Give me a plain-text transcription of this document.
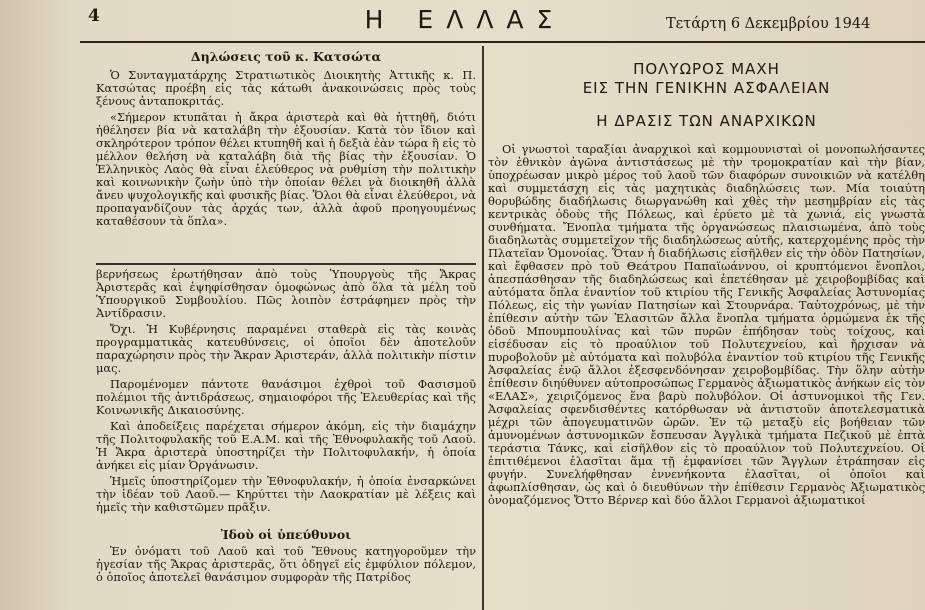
4	Η ΕΛΛΑΣ	Τετάρτη 6 Δεκεμβρίου 1944

Δηλώσεις τοῦ κ. Κατσώτα

Ὁ Συνταγματάρχης Στρατιωτικὸς Διοικητὴς Ἀττικῆς κ. Π. Κατσώτας προέβη εἰς τὰς κάτωθι ἀνακοινώσεις πρὸς τοὺς ξένους ἀνταποκριτάς.

«Σήμερον κτυπᾶται ἡ ἄκρα ἀριστερὰ καὶ θὰ ἡττηθῆ, διότι ἠθέλησεν βία νὰ καταλάβη τὴν ἐξουσίαν. Κατὰ τὸν ἴδιον καὶ σκληρότερον τρόπον θέλει κτυπηθῆ καὶ ἡ δεξιὰ ἐὰν τώρα ἢ εἰς τὸ μέλλον θελήση νὰ καταλάβη διὰ τῆς βίας τὴν ἐξουσίαν. Ὁ Ἑλληνικὸς Λαὸς θὰ εἶναι ἐλεύθερος νὰ ρυθμίση τὴν πολιτικὴν καὶ κοινωνικὴν ζωὴν ὑπὸ τὴν ὁποίαν θέλει νὰ διοικηθῆ ἀλλὰ ἄνευ ψυχολογικῆς καὶ φυσικῆς βίας. Ὅλοι θὰ εἶναι ἐλεύθεροι, νὰ προπαγανδίζουν τὰς ἀρχάς των, ἀλλὰ ἀφοῦ προηγουμένως καταθέσουν τὰ ὅπλα».

βερνήσεως ἐρωτήθησαν ἀπὸ τοὺς Ὑπουργοὺς τῆς Ἄκρας Ἀριστερᾶς καὶ ἐψηφίσθησαν ὁμοφώνως ἀπὸ ὅλα τὰ μέλη τοῦ Ὑπουργικοῦ Συμβουλίου. Πῶς λοιπὸν ἐστράφημεν πρὸς τὴν Ἀντίδρασιν.

Ὄχι. Ἡ Κυβέρνησις παραμένει σταθερὰ εἰς τὰς κοινὰς προγραμματικὰς κατευθύνσεις, οἱ ὁποῖοι δὲν ἀποτελοῦν παραχώρησιν πρὸς τὴν Ἄκραν Ἀριστεράν, ἀλλὰ πολιτικὴν πίστιν μας.

Παρομένομεν πάντοτε θανάσιμοι ἐχθροὶ τοῦ Φασισμοῦ πολέμιοι τῆς ἀντιδράσεως, σημαιοφόροι τῆς Ἐλευθερίας καὶ τῆς Κοινωνικῆς Δικαιοσύνης.

Καὶ ἀποδείξεις παρέχεται σήμερον ἀκόμη, εἰς τὴν διαμάχην τῆς Πολιτοφυλακῆς τοῦ Ε.Α.Μ. καὶ τῆς Ἐθνοφυλακῆς τοῦ Λαοῦ. Ἡ Ἄκρα ἀριστερὰ ὑποστηρίζει τὴν Πολιτοφυλακήν, ἡ ὁποία ἀνήκει εἰς μίαν Ὀργάνωσιν.

Ἡμεῖς ὑποστηρίζομεν τὴν Ἐθνοφυλακήν, ἡ ὁποία ἐνσαρκώνει τὴν ἰδέαν τοῦ Λαοῦ.— Κηρύττει τὴν Λαοκρατίαν μὲ λέξεις καὶ ἡμεῖς τὴν καθιστῶμεν πρᾶξιν.

Ἰδοὺ οἱ ὑπεύθυνοι

Ἐν ὀνόματι τοῦ Λαοῦ καὶ τοῦ Ἔθνους κατηγοροῦμεν τὴν ἡγεσίαν τῆς Ἄκρας ἀριστερᾶς, ὅτι ὁδηγεῖ εἰς ἐμφύλιον πόλεμον, ὁ ὁποῖος ἀποτελεῖ θανάσιμον συμφορὰν τῆς Πατρίδος

ΠΟΛΥΩΡΟΣ ΜΑΧΗ
ΕΙΣ ΤΗΝ ΓΕΝΙΚΗΝ ΑΣΦΑΛΕΙΑΝ
Η ΔΡΑΣΙΣ ΤΩΝ ΑΝΑΡΧΙΚΩΝ

Οἱ γνωστοὶ ταραξίαι ἀναρχικοὶ καὶ κομμουνισταὶ οἱ μονοπωλήσαντες τὸν ἐθνικὸν ἀγῶνα ἀντιστάσεως μὲ τὴν τρομοκρατίαν καὶ τὴν βίαν, ὑποχρέωσαν μικρὸ μέρος τοῦ λαοῦ τῶν διαφόρων συνοικιῶν νὰ κατέλθη καὶ συμμετάσχη εἰς τὰς μαχητικὰς διαδηλώσεις των. Μία τοιαύτη θορυβώδης διαδήλωσις διωργανώθη καὶ χθὲς τὴν μεσημβρίαν εἰς τὰς κεντρικὰς ὁδοὺς τῆς Πόλεως, καὶ ἐρύετο μὲ τὰ χωνιά, εἰς γνωστὰ συνθήματα. Ἔνοπλα τμήματα τῆς ὀργανώσεως πλαισιωμένα, ἀπὸ τοὺς διαδηλωτὰς συμμετεῖχον τῆς διαδηλώσεως αὐτῆς, κατερχομένης πρὸς τὴν Πλατεῖαν Ὁμονοίας. Ὅταν ἡ διαδήλωσις εἰσῆλθεν εἰς τὴν ὁδὸν Πατησίων, καὶ ἔφθασεν πρὸ τοῦ Θεάτρου Παπαϊωάννου, οἱ κρυπτόμενοι ἔνοπλοι, ἀπεσπάσθησαν τῆς διαδηλώσεως καὶ ἐπετέθησαν μὲ χειροβομβίδας καὶ αὐτόματα ὅπλα ἐναντίον τοῦ κτιρίου τῆς Γενικῆς Ἀσφαλείας Ἀστυνομίας Πόλεως, εἰς τὴν γωνίαν Πατησίων καὶ Στουρνάρα. Ταὐτοχρόνως, μὲ τὴν ἐπίθεσιν αὐτὴν τῶν Ἐλασιτῶν ἄλλα ἔνοπλα τμήματα ὁρμώμενα ἐκ τῆς ὁδοῦ Μπουμπουλίνας καὶ τῶν πυρῶν ἐπήδησαν τοὺς τοίχους, καὶ εἰσέδυσαν εἰς τὸ προαύλιον τοῦ Πολυτεχνείου, καὶ ἤρχισαν νὰ πυροβολοῦν μὲ αὐτόματα καὶ πολυβόλα ἐναντίον τοῦ κτιρίου τῆς Γενικῆς Ἀσφαλείας ἐνῷ ἄλλοι ἐξεσφενδόνησαν χειροβομβίδας. Τὴν ὅλην αὐτὴν ἐπίθεσιν διηύθυνεν αὐτοπροσώπως Γερμανὸς ἀξιωματικὸς ἀνήκων εἰς τὸν «ΕΛΑΣ», χειριζόμενος ἕνα βαρὺ πολυβόλον. Οἱ ἀστυνομικοὶ τῆς Γεν. Ἀσφαλείας σφενδισθέντες κατόρθωσαν νὰ ἀντιστοῦν ἀποτελεσματικὰ μέχρι τῶν ἀπογευματινῶν ὡρῶν. Ἐν τῷ μεταξὺ εἰς βοήθειαν τῶν ἀμυνομένων ἀστυνομικῶν ἔσπευσαν Ἀγγλικὰ τμήματα Πεζικοῦ μὲ ἐπτὰ τεράστια Τάνκς, καὶ εἰσῆλθον εἰς τὸ προαύλιον τοῦ Πολυτεχνείου. Οἱ ἐπιτιθέμενοι ἐλασῖται ἅμα τῇ ἐμφανίσει τῶν Ἄγγλων ἐτράπησαν εἰς φυγήν. Συνελήφθησαν ἐννενήκοντα ἐλασῖται, οἱ ὁποῖοι καὶ ἀφωπλίσθησαν, ὡς καὶ ὁ διευθύνων τὴν ἐπίθεσιν Γερμανὸς Ἀξιωματικὸς ὀνομαζόμενος Ὄττο Βέρνερ καὶ δύο ἄλλοι Γερμανοὶ ἀξιωματικοί
